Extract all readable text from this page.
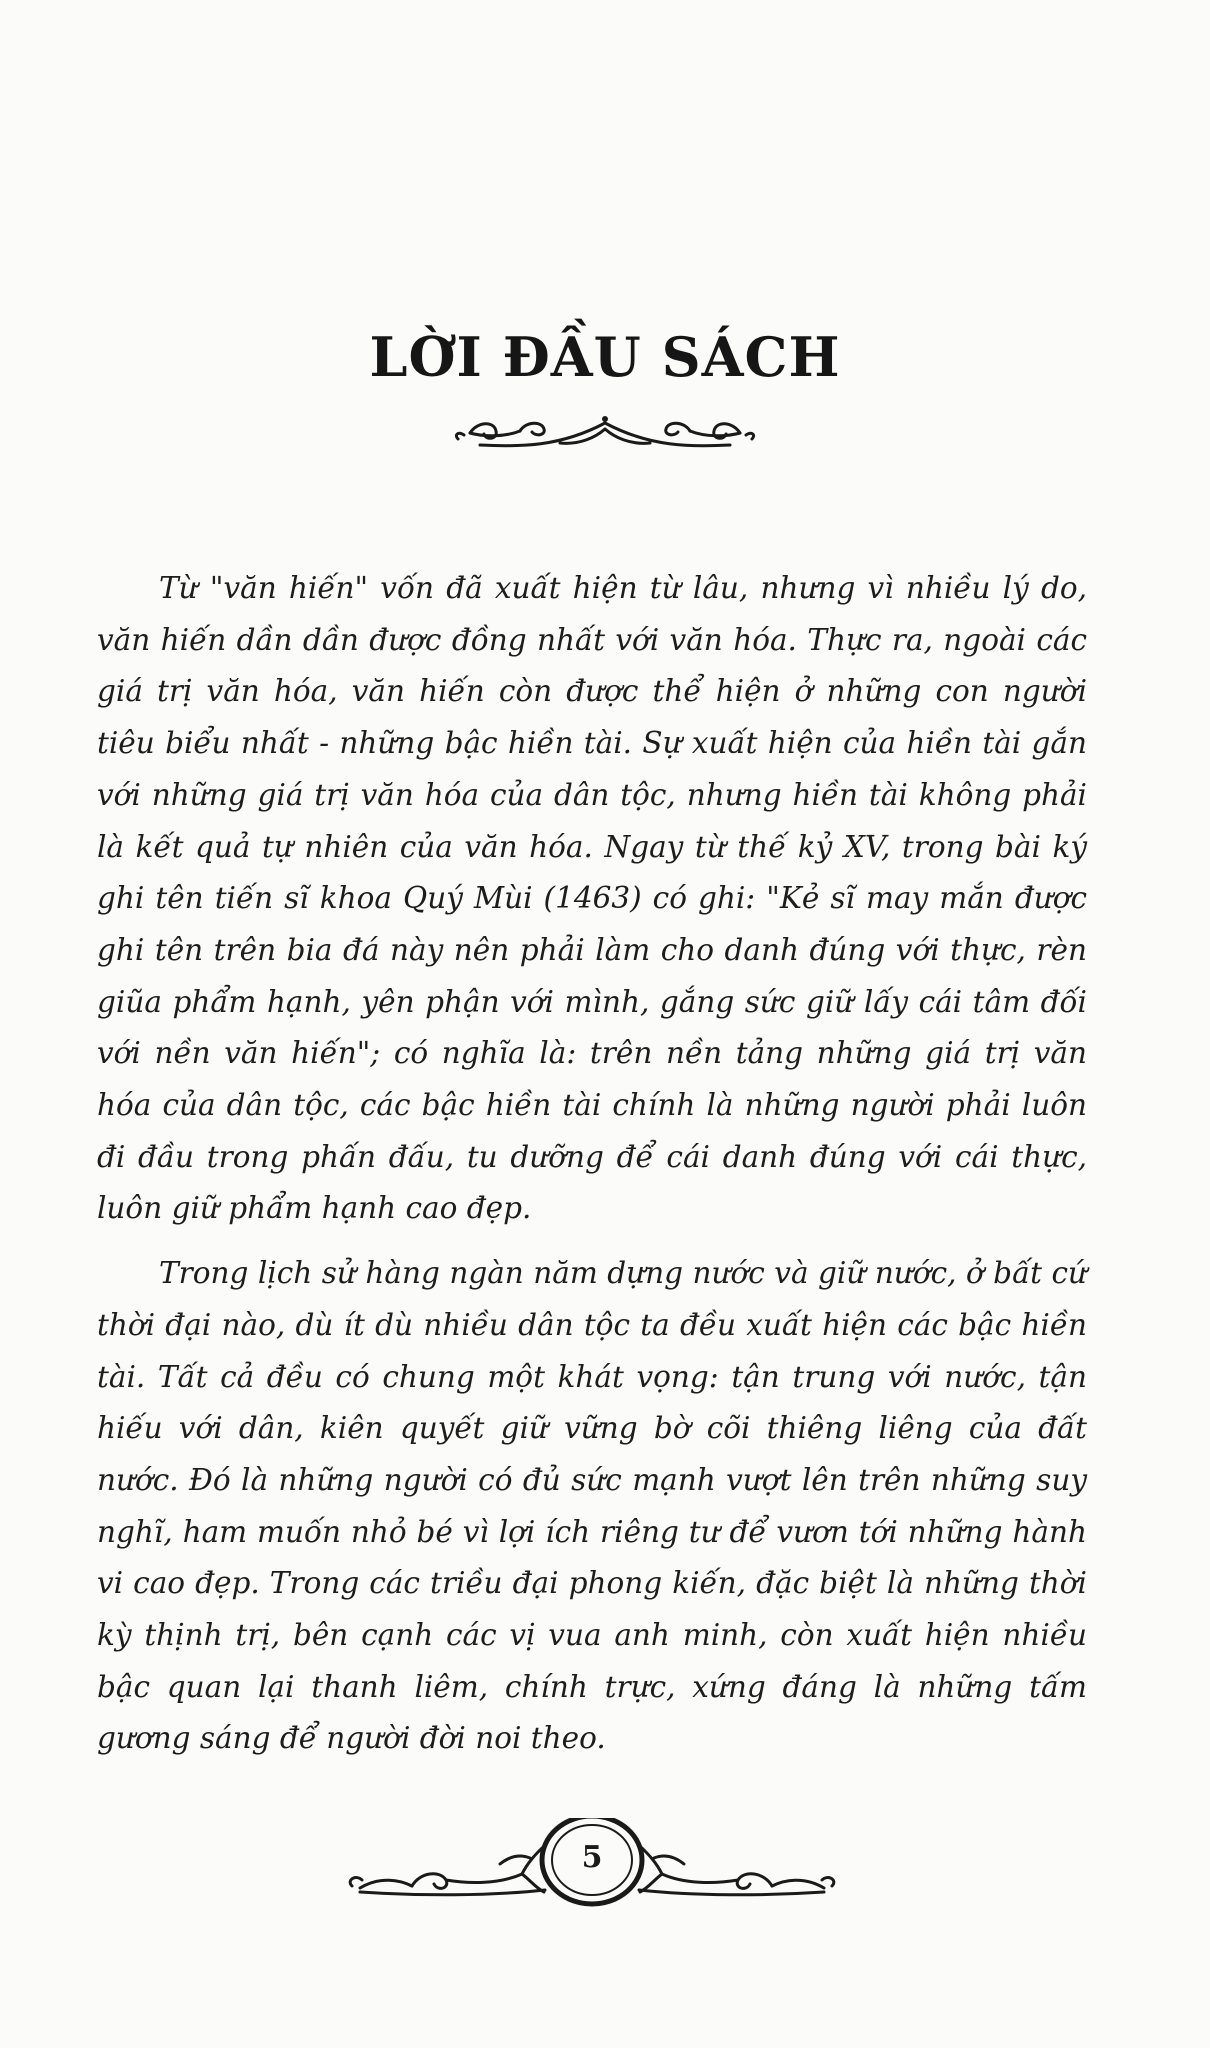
LỜI ĐẦU SÁCH

Từ "văn hiến" vốn đã xuất hiện từ lâu, nhưng vì nhiều lý do, văn hiến dần dần được đồng nhất với văn hóa. Thực ra, ngoài các giá trị văn hóa, văn hiến còn được thể hiện ở những con người tiêu biểu nhất - những bậc hiền tài. Sự xuất hiện của hiền tài gắn với những giá trị văn hóa của dân tộc, nhưng hiền tài không phải là kết quả tự nhiên của văn hóa. Ngay từ thế kỷ XV, trong bài ký ghi tên tiến sĩ khoa Quý Mùi (1463) có ghi: "Kẻ sĩ may mắn được ghi tên trên bia đá này nên phải làm cho danh đúng với thực, rèn giũa phẩm hạnh, yên phận với mình, gắng sức giữ lấy cái tâm đối với nền văn hiến"; có nghĩa là: trên nền tảng những giá trị văn hóa của dân tộc, các bậc hiền tài chính là những người phải luôn đi đầu trong phấn đấu, tu dưỡng để cái danh đúng với cái thực, luôn giữ phẩm hạnh cao đẹp.

Trong lịch sử hàng ngàn năm dựng nước và giữ nước, ở bất cứ thời đại nào, dù ít dù nhiều dân tộc ta đều xuất hiện các bậc hiền tài. Tất cả đều có chung một khát vọng: tận trung với nước, tận hiếu với dân, kiên quyết giữ vững bờ cõi thiêng liêng của đất nước. Đó là những người có đủ sức mạnh vượt lên trên những suy nghĩ, ham muốn nhỏ bé vì lợi ích riêng tư để vươn tới những hành vi cao đẹp. Trong các triều đại phong kiến, đặc biệt là những thời kỳ thịnh trị, bên cạnh các vị vua anh minh, còn xuất hiện nhiều bậc quan lại thanh liêm, chính trực, xứng đáng là những tấm gương sáng để người đời noi theo.

5
